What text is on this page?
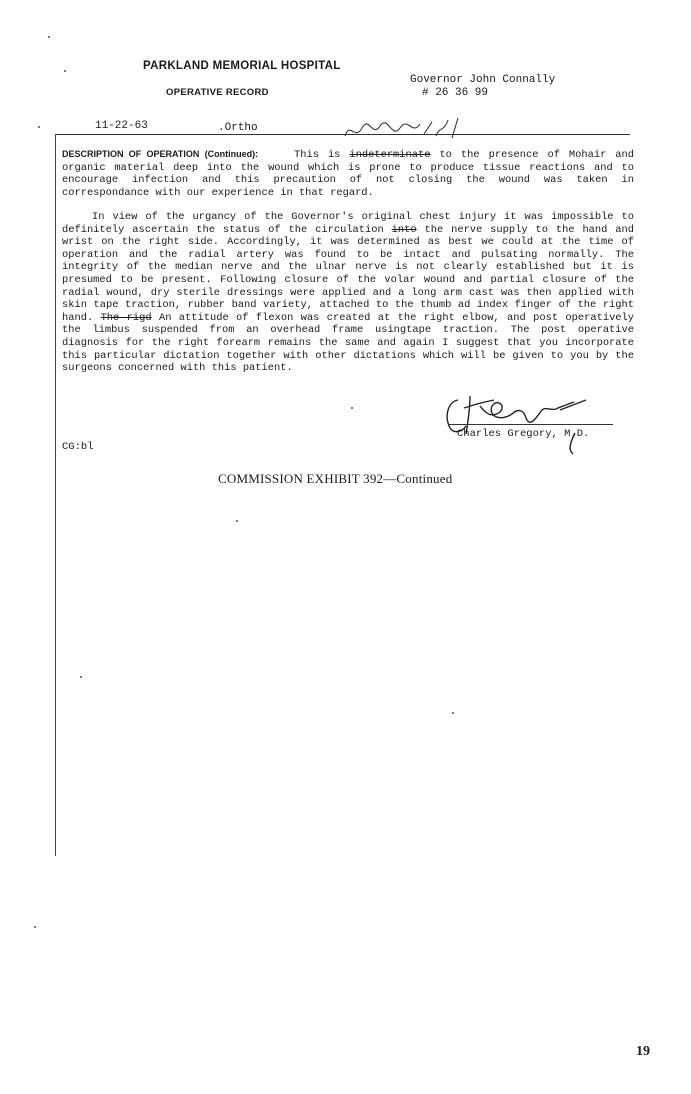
PARKLAND MEMORIAL HOSPITAL
OPERATIVE RECORD
Governor John Connally
# 26 36 99
11-22-63	.Ortho

DESCRIPTION OF OPERATION (Continued):	This is indeterminate to the presence of Mohair and organic material deep into the wound which is prone to produce tissue reactions and to encourage infection and this precaution of not closing the wound was taken in correspondance with our experience in that regard.

In view of the urgancy of the Governor's original chest injury it was impossible to definitely ascertain the status of the circulation into the nerve supply to the hand and wrist on the right side. Accordingly, it was determined as best we could at the time of operation and the radial artery was found to be intact and pulsating normally. The integrity of the median nerve and the ulnar nerve is not clearly established but it is presumed to be present. Following closure of the volar wound and partial closure of the radial wound, dry sterile dressings were applied and a long arm cast was then applied with skin tape traction, rubber band variety, attached to the thumb ad index finger of the right hand. The rigd An attitude of flexon was created at the right elbow, and post operatively the limbus suspended from an overhead frame usingtape traction. The post operative diagnosis for the right forearm remains the same and again I suggest that you incorporate this particular dictation together with other dictations which will be given to you by the surgeons concerned with this patient.

Charles Gregory, M.D.
CG:bl
COMMISSION EXHIBIT 392—Continued
19
